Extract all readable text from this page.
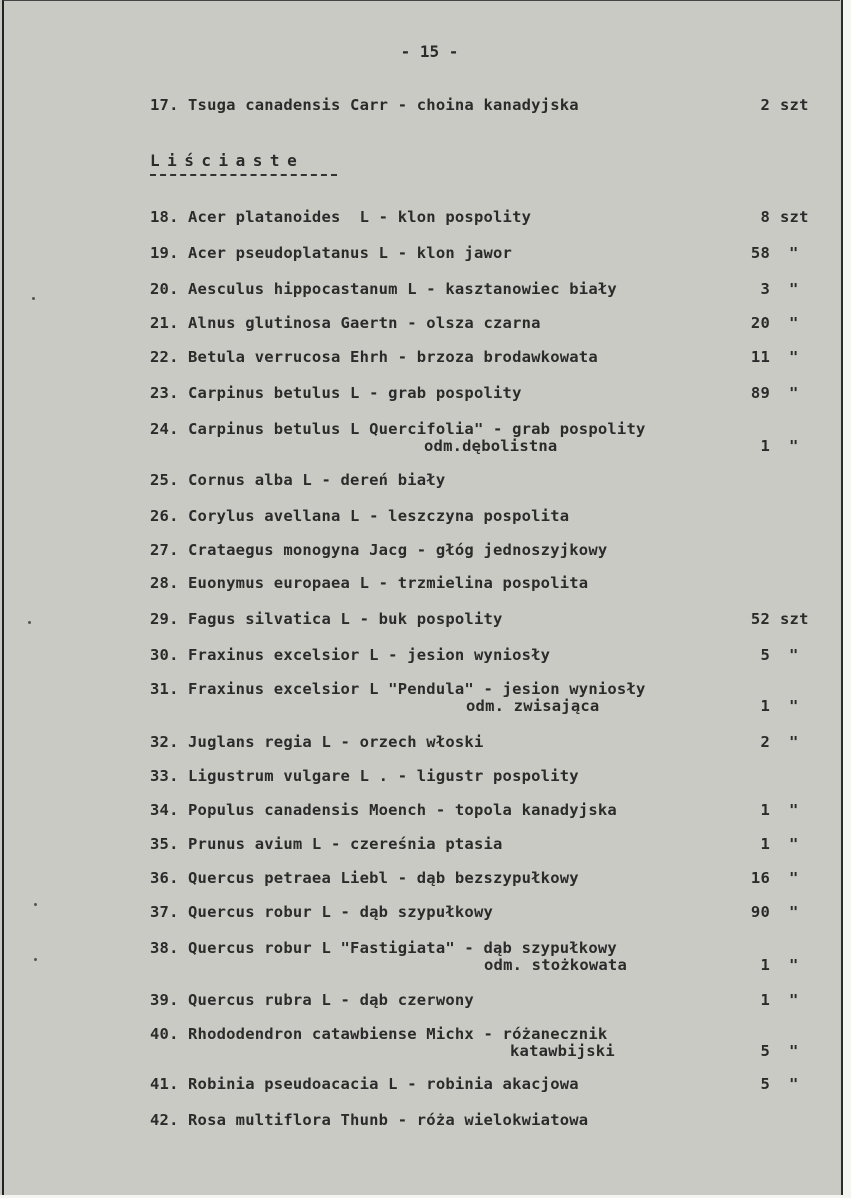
- 15 -
17. Tsuga canadensis Carr - choina kanadyjska	2 szt
Liściaste
18. Acer platanoides  L - klon pospolity	8 szt
19. Acer pseudoplatanus L - klon jawor	58 "
20. Aesculus hippocastanum L - kasztanowiec biały	3 "
21. Alnus glutinosa Gaertn - olsza czarna	20 "
22. Betula verrucosa Ehrh - brzoza brodawkowata	11 "
23. Carpinus betulus L - grab pospolity	89 "
24. Carpinus betulus L Quercifolia" - grab pospolity
odm.dębolistna	1 "
25. Cornus alba L - dereń biały
26. Corylus avellana L - leszczyna pospolita
27. Crataegus monogyna Jacg - głóg jednoszyjkowy
28. Euonymus europaea L - trzmielina pospolita
29. Fagus silvatica L - buk pospolity	52 szt
30. Fraxinus excelsior L - jesion wyniosły	5 "
31. Fraxinus excelsior L "Pendula" - jesion wyniosły
odm. zwisająca	1 "
32. Juglans regia L - orzech włoski	2 "
33. Ligustrum vulgare L . - ligustr pospolity
34. Populus canadensis Moench - topola kanadyjska	1 "
35. Prunus avium L - czereśnia ptasia	1 "
36. Quercus petraea Liebl - dąb bezszypułkowy	16 "
37. Quercus robur L - dąb szypułkowy	90 "
38. Quercus robur L "Fastigiata" - dąb szypułkowy
odm. stożkowata	1 "
39. Quercus rubra L - dąb czerwony	1 "
40. Rhododendron catawbiense Michx - różanecznik
katawbijski	5 "
41. Robinia pseudoacacia L - robinia akacjowa	5 "
42. Rosa multiflora Thunb - róża wielokwiatowa
